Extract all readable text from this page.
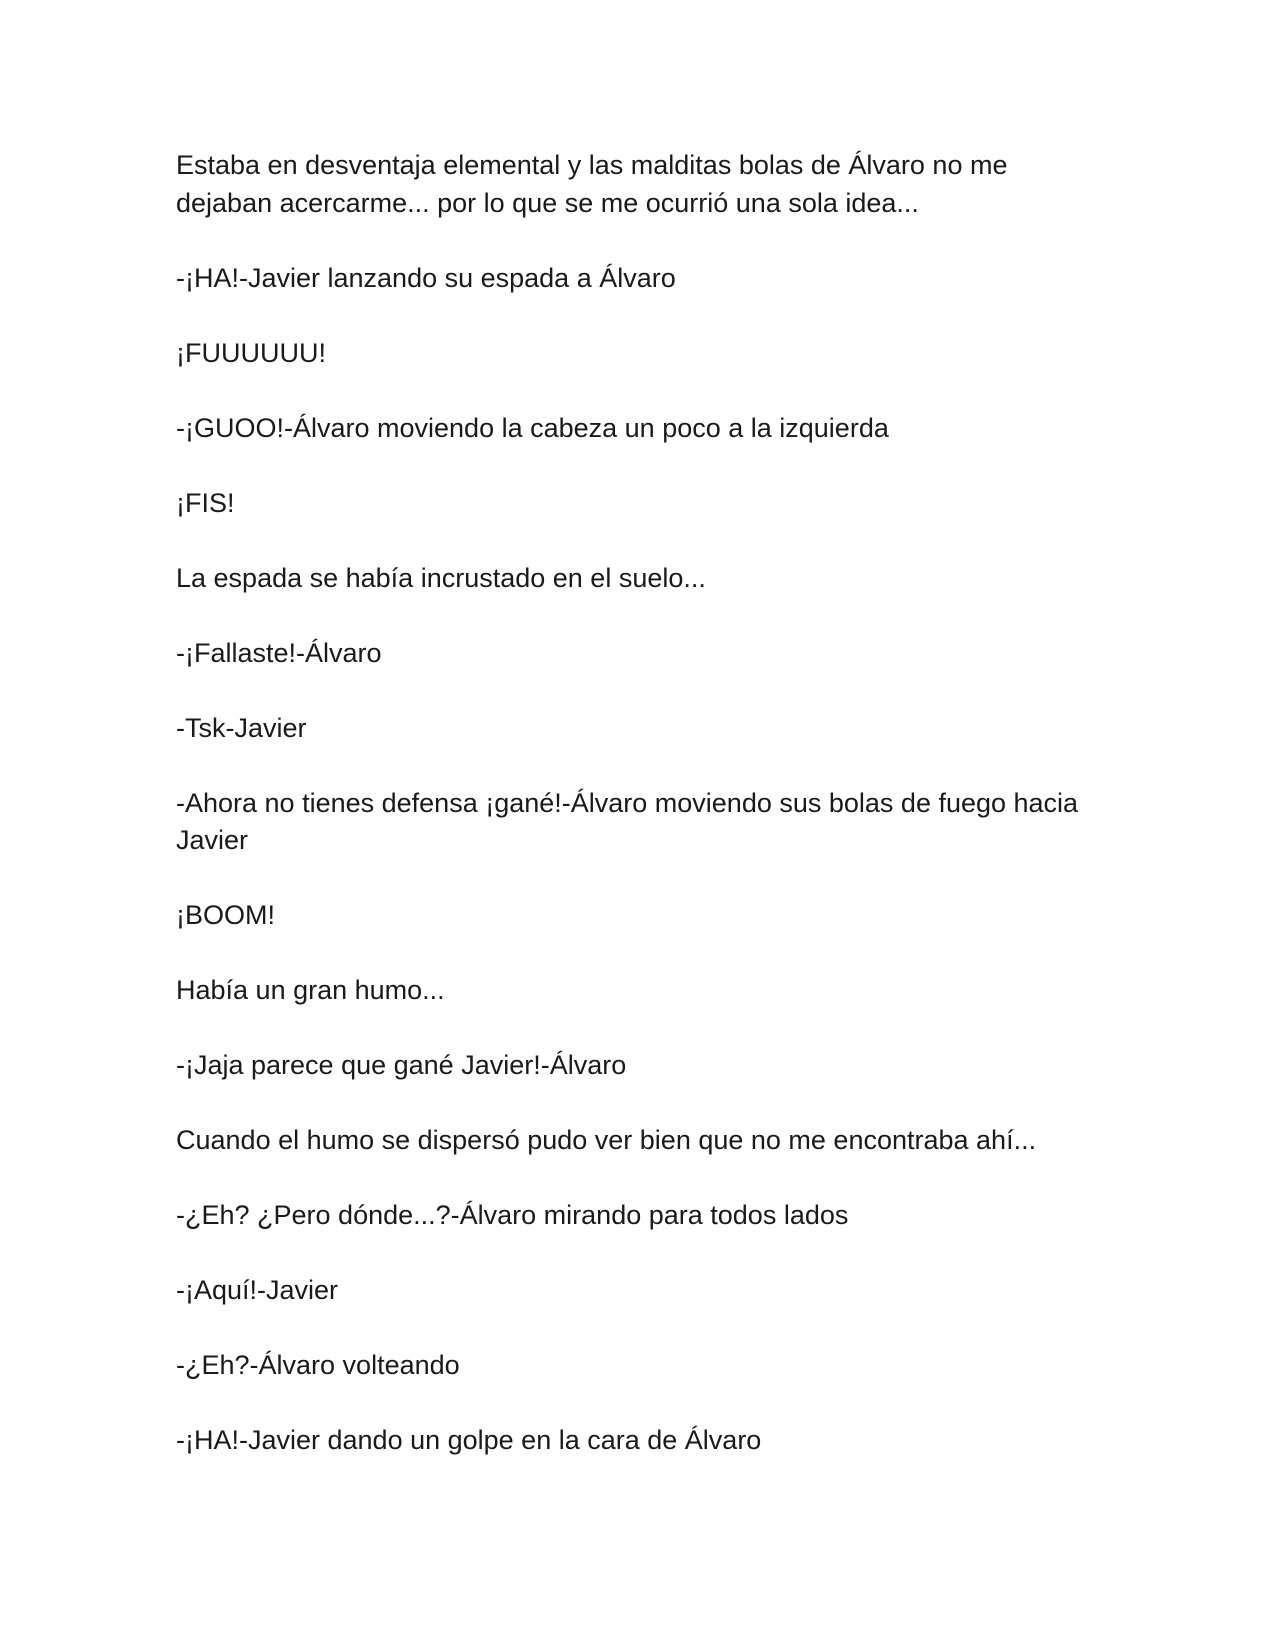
Estaba en desventaja elemental y las malditas bolas de Álvaro no me dejaban acercarme... por lo que se me ocurrió una sola idea...

-¡HA!-Javier lanzando su espada a Álvaro

¡FUUUUUU!

-¡GUOO!-Álvaro moviendo la cabeza un poco a la izquierda

¡FIS!

La espada se había incrustado en el suelo...

-¡Fallaste!-Álvaro

-Tsk-Javier

-Ahora no tienes defensa ¡gané!-Álvaro moviendo sus bolas de fuego hacia Javier

¡BOOM!

Había un gran humo...

-¡Jaja parece que gané Javier!-Álvaro

Cuando el humo se dispersó pudo ver bien que no me encontraba ahí...

-¿Eh? ¿Pero dónde...?-Álvaro mirando para todos lados

-¡Aquí!-Javier

-¿Eh?-Álvaro volteando

-¡HA!-Javier dando un golpe en la cara de Álvaro
